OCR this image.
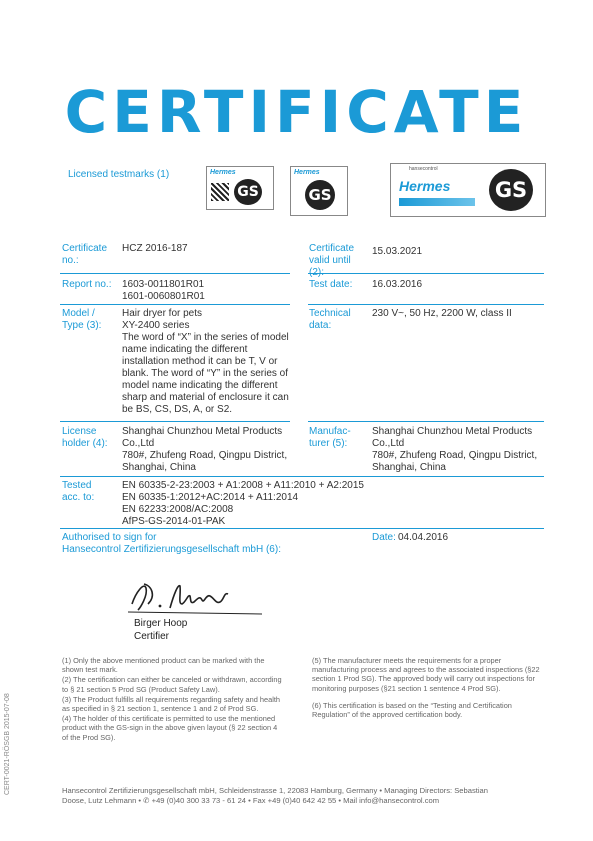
CERTIFICATE
Licensed testmarks (1)	Hermes
GS
Hermes
GS
hansecontrol
Hermes GS
Certificate no.:
HCZ 2016-187	Certificate valid until
15.03.2021
Report no.: 1603-0011801R01
1601-0060801R01
Test date: 16.03.2016
Model / Type (3):
Hair dryer for pets
XY-2400 series
The word of “X” in the series of model
name indicating the different
installation method it can be T, V or
blank. The word of “Y” in the series of
model name indicating the different
sharp and material of enclosure it can
be BS, CS, DS, A, or S2.
Technical data:
230 V~, 50 Hz, 2200 W, class II
License holder (4):
Shanghai Chunzhou Metal Products
Co.,Ltd
780#, Zhufeng Road, Qingpu District,
Shanghai, China
Manufac- turer (5):
Shanghai Chunzhou Metal Products
Co.,Ltd
780#, Zhufeng Road, Qingpu District,
Shanghai, China
Tested acc. to:
EN 60335-2-23:2003 + A1:2008 + A11:2010 + A2:2015
EN 60335-1:2012+AC:2014 + A11:2014
EN 62233:2008/AC:2008
AfPS-GS-2014-01-PAK
Authorised to sign for
Hansecontrol Zertifizierungsgesellschaft mbH (6):
Date: 04.04.2016
Birger Hoop
Certifier
(1) Only the above mentioned product can be marked with the shown test mark.
(2) The certification can either be canceled or withdrawn, according to § 21 section 5 Prod SG (Product Safety Law).
(3) The Product fulfills all requirements regarding safety and health as specified in § 21 section 1, sentence 1 and 2 of Prod SG.
(4) The holder of this certificate is permitted to use the mentioned product with the GS-sign in the above given layout (§ 22 section 4 of the Prod SG).
(5) The manufacturer meets the requirements for a proper manufacturing process and agrees to the associated inspections (§22 section 1 Prod SG). The approved body will carry out inspections for monitoring purposes (§21 section 1 sentence 4 Prod SG).
(6) This certification is based on the “Testing and Certification Regulation” of the approved certification body.
Hansecontrol Zertifizierungsgesellschaft mbH, Schleidenstrasse 1, 22083 Hamburg, Germany • Managing Directors: Sebastian
Doose, Lutz Lehmann • ✆ +49 (0)40 300 33 73 - 61 24 • Fax +49 (0)40 642 42 55 • Mail info@hansecontrol.com
CERT-0021-RÖSGB 2015-07-08
